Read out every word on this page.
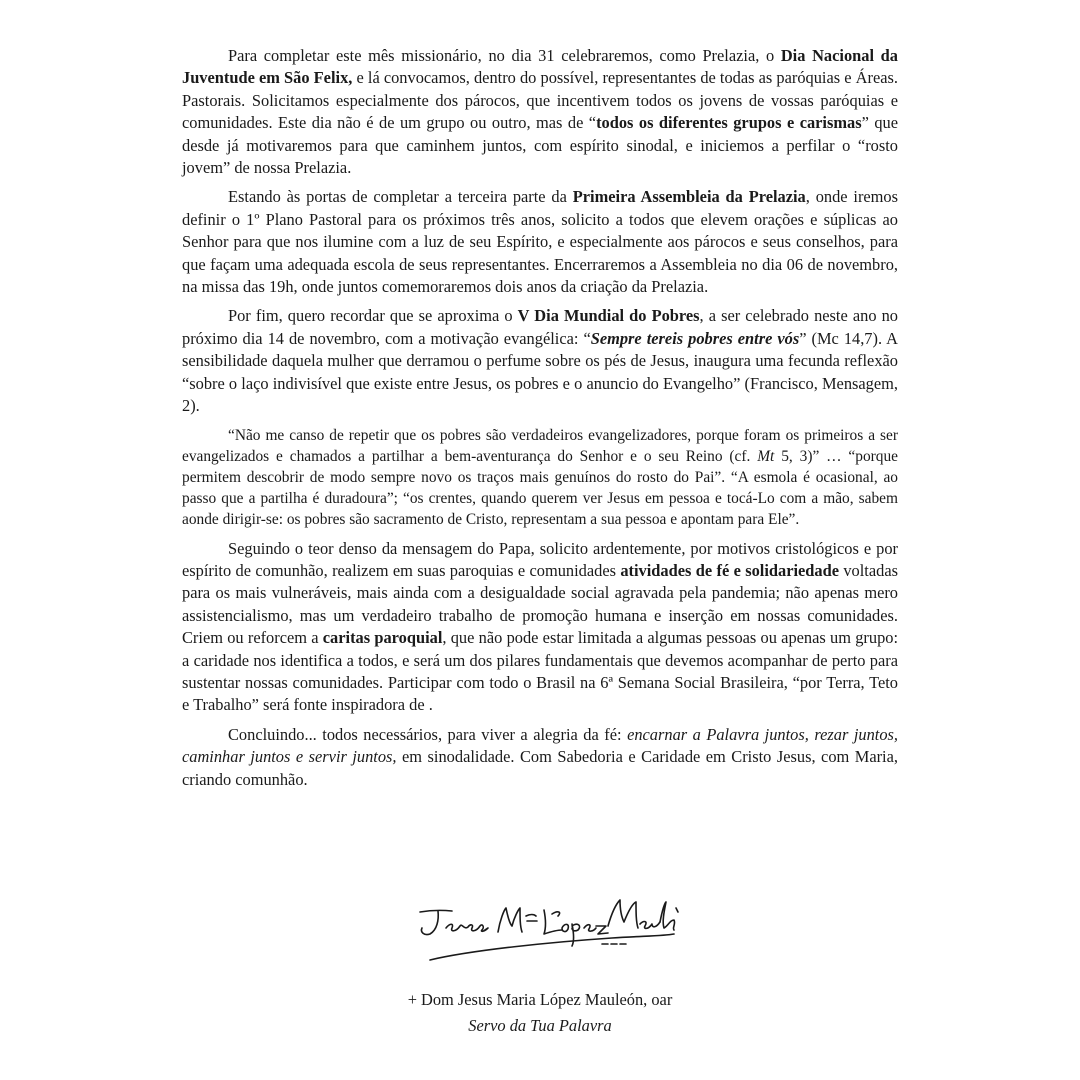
Para completar este mês missionário, no dia 31 celebraremos, como Prelazia, o Dia Nacional da Juventude em São Felix, e lá convocamos, dentro do possível, representantes de todas as paróquias e Áreas. Pastorais. Solicitamos especialmente dos párocos, que incentivem todos os jovens de vossas paróquias e comunidades. Este dia não é de um grupo ou outro, mas de “todos os diferentes grupos e carismas” que desde já motivaremos para que caminhem juntos, com espírito sinodal, e iniciemos a perfilar o “rosto jovem” de nossa Prelazia.

Estando às portas de completar a terceira parte da Primeira Assembleia da Prelazia, onde iremos definir o 1º Plano Pastoral para os próximos três anos, solicito a todos que elevem orações e súplicas ao Senhor para que nos ilumine com a luz de seu Espírito, e especialmente aos párocos e seus conselhos, para que façam uma adequada escola de seus representantes. Encerraremos a Assembleia no dia 06 de novembro, na missa das 19h, onde juntos comemoraremos dois anos da criação da Prelazia.

Por fim, quero recordar que se aproxima o V Dia Mundial do Pobres, a ser celebrado neste ano no próximo dia 14 de novembro, com a motivação evangélica: “Sempre tereis pobres entre vós” (Mc 14,7). A sensibilidade daquela mulher que derramou o perfume sobre os pés de Jesus, inaugura uma fecunda reflexão “sobre o laço indivisível que existe entre Jesus, os pobres e o anuncio do Evangelho” (Francisco, Mensagem, 2).

“Não me canso de repetir que os pobres são verdadeiros evangelizadores, porque foram os primeiros a ser evangelizados e chamados a partilhar a bem-aventurança do Senhor e o seu Reino (cf. Mt 5, 3)” … “porque permitem descobrir de modo sempre novo os traços mais genuínos do rosto do Pai”. “A esmola é ocasional, ao passo que a partilha é duradoura”; “os crentes, quando querem ver Jesus em pessoa e tocá-Lo com a mão, sabem aonde dirigir-se: os pobres são sacramento de Cristo, representam a sua pessoa e apontam para Ele”.

Seguindo o teor denso da mensagem do Papa, solicito ardentemente, por motivos cristológicos e por espírito de comunhão, realizem em suas paroquias e comunidades atividades de fé e solidariedade voltadas para os mais vulneráveis, mais ainda com a desigualdade social agravada pela pandemia; não apenas mero assistencialismo, mas um verdadeiro trabalho de promoção humana e inserção em nossas comunidades. Criem ou reforcem a caritas paroquial, que não pode estar limitada a algumas pessoas ou apenas um grupo: a caridade nos identifica a todos, e será um dos pilares fundamentais que devemos acompanhar de perto para sustentar nossas comunidades. Participar com todo o Brasil na 6ª Semana Social Brasileira, “por Terra, Teto e Trabalho” será fonte inspiradora de .

Concluindo... todos necessários, para viver a alegria da fé: encarnar a Palavra juntos, rezar juntos, caminhar juntos e servir juntos, em sinodalidade. Com Sabedoria e Caridade em Cristo Jesus, com Maria, criando comunhão.

+ Dom Jesus Maria López Mauleón, oar
Servo da Tua Palavra
